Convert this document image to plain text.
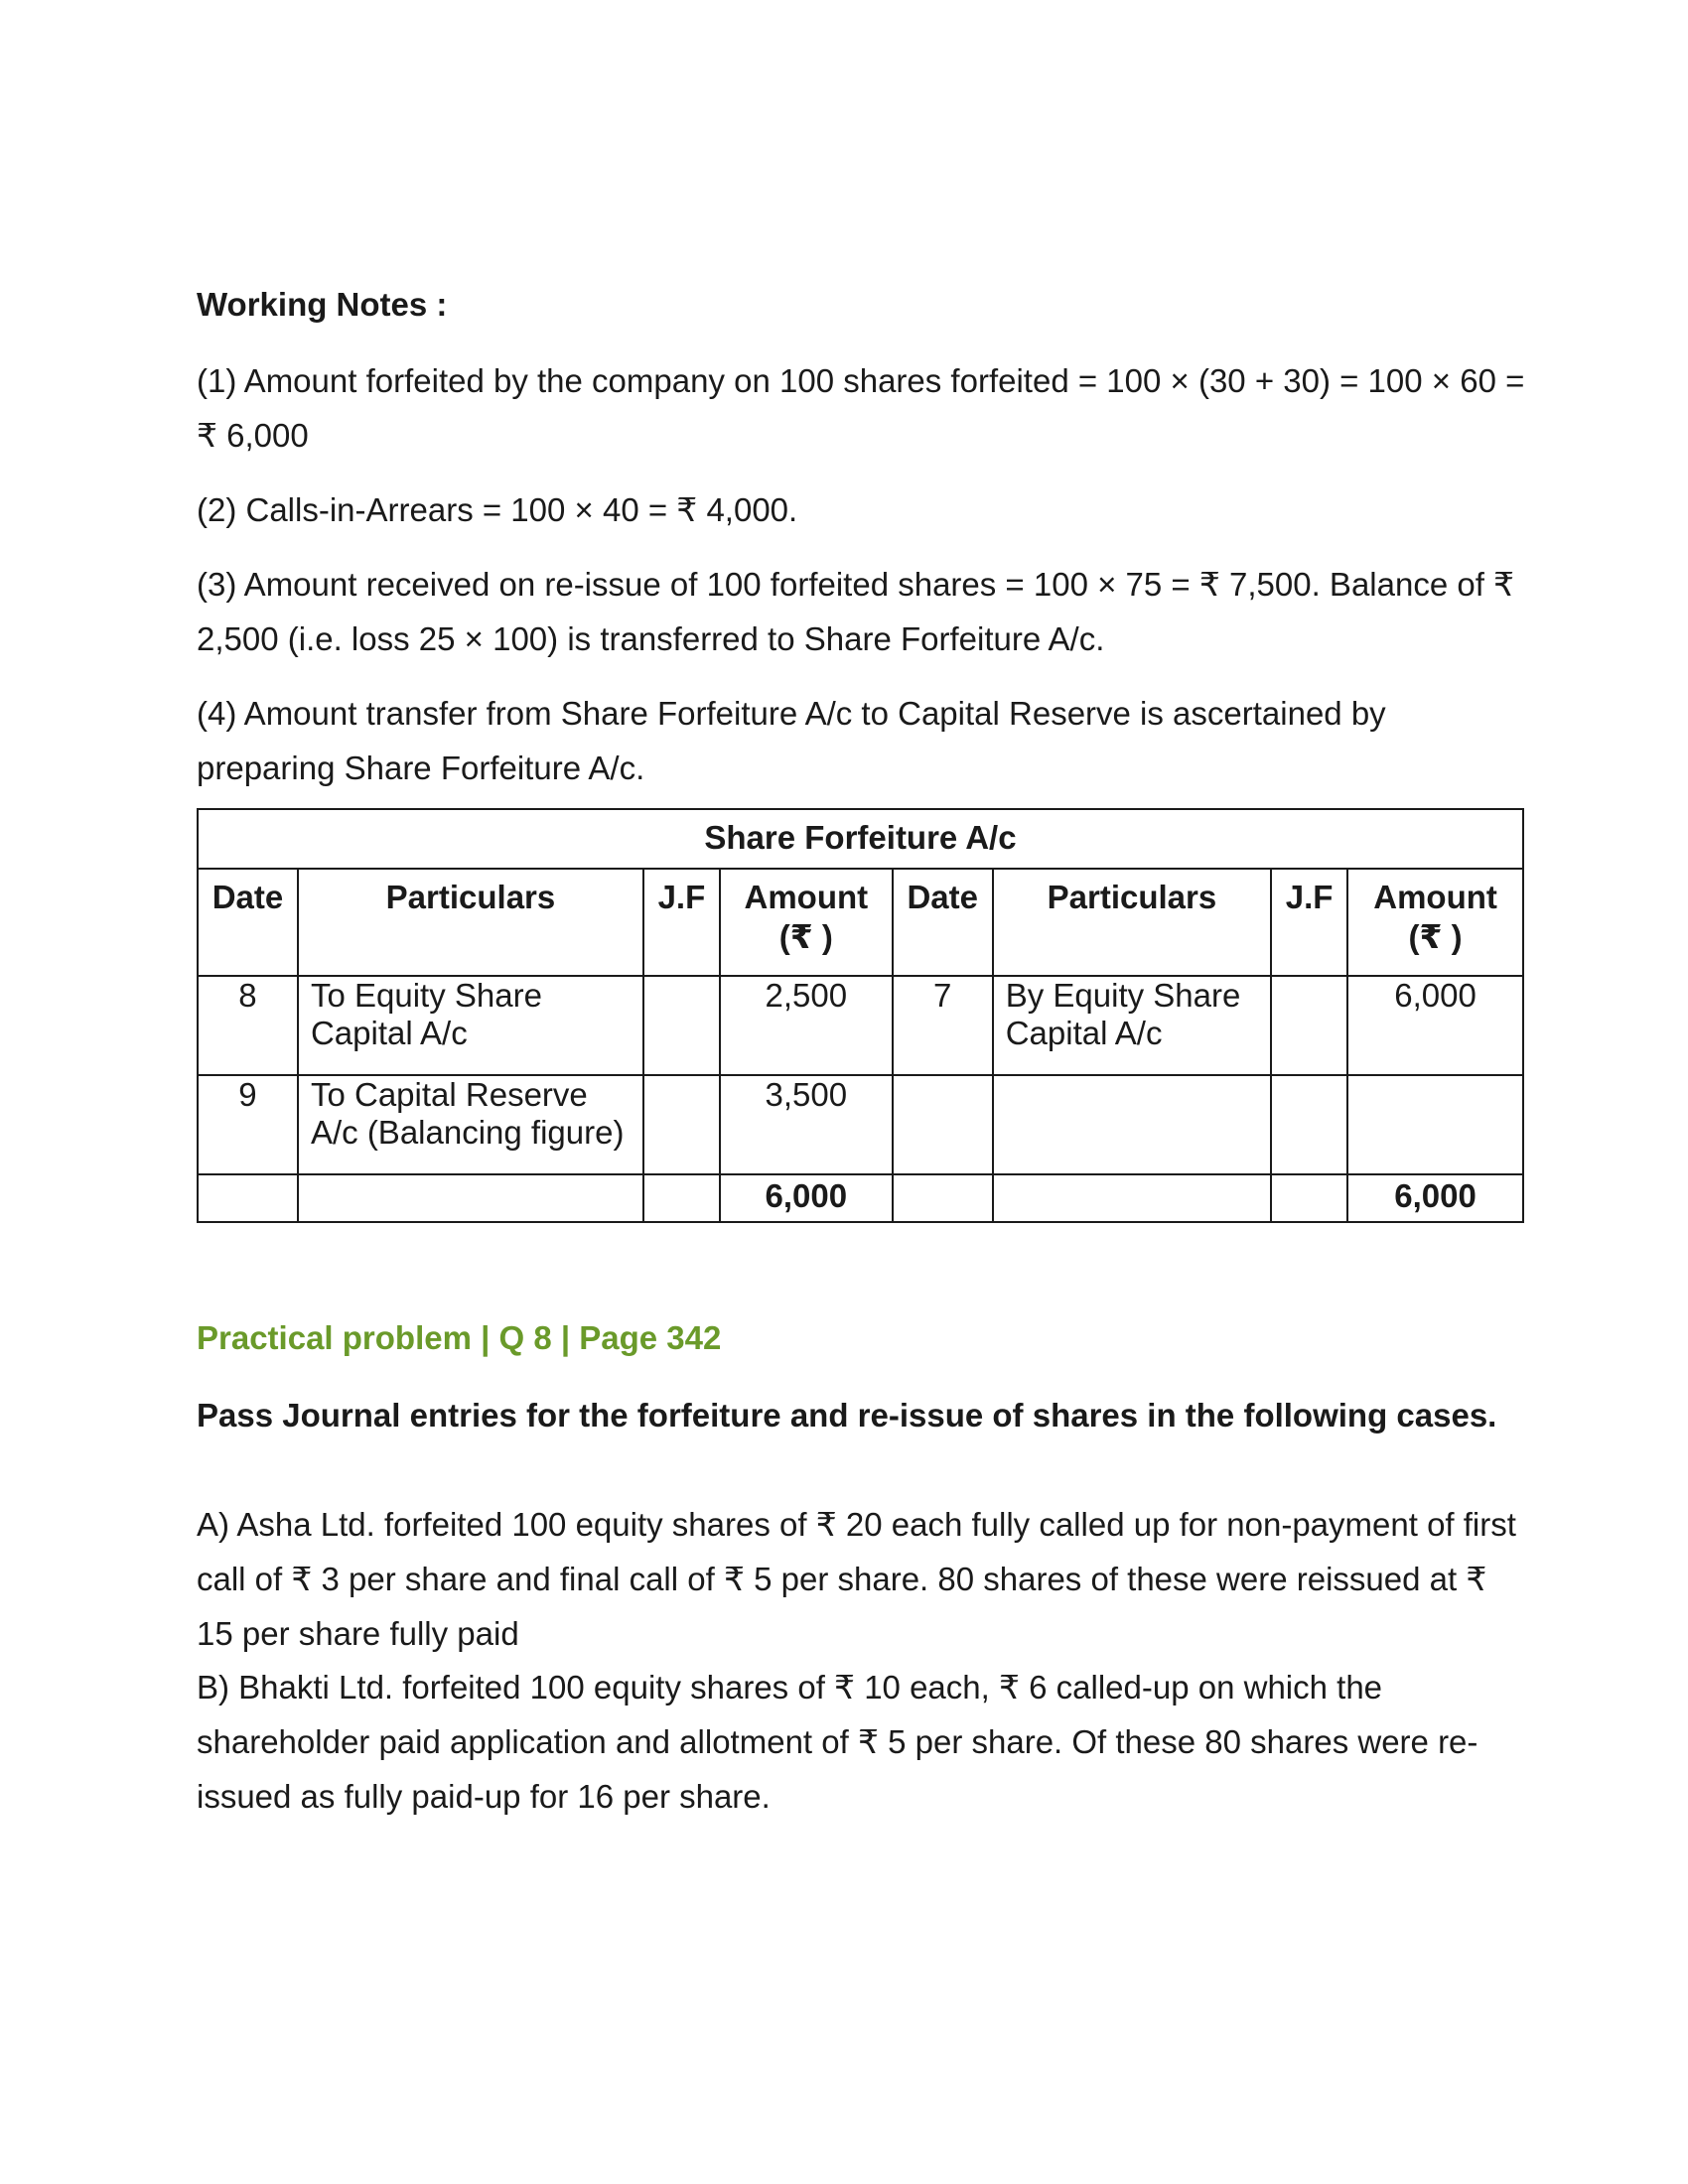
Working Notes :

(1) Amount forfeited by the company on 100 shares forfeited = 100 × (30 + 30) = 100 × 60 = ₹ 6,000

(2) Calls-in-Arrears = 100 × 40 = ₹ 4,000.

(3) Amount received on re-issue of 100 forfeited shares = 100 × 75 = ₹ 7,500. Balance of ₹ 2,500 (i.e. loss 25 × 100) is transferred to Share Forfeiture A/c.

(4) Amount transfer from Share Forfeiture A/c to Capital Reserve is ascertained by preparing Share Forfeiture A/c.

Share Forfeiture A/c							
Date	Particulars	J.F	Amount (₹ )	Date	Particulars	J.F	Amount (₹ )
8	To Equity Share Capital A/c		2,500	7	By Equity Share Capital A/c		6,000
9	To Capital Reserve A/c (Balancing figure)		3,500				
			6,000				6,000

Practical problem | Q 8 | Page 342

Pass Journal entries for the forfeiture and re-issue of shares in the following cases.

A) Asha Ltd. forfeited 100 equity shares of ₹ 20 each fully called up for non-payment of first call of ₹ 3 per share and final call of ₹ 5 per share. 80 shares of these were reissued at ₹ 15 per share fully paid

B) Bhakti Ltd. forfeited 100 equity shares of ₹ 10 each, ₹ 6 called-up on which the shareholder paid application and allotment of ₹ 5 per share. Of these 80 shares were re-issued as fully paid-up for 16 per share.
